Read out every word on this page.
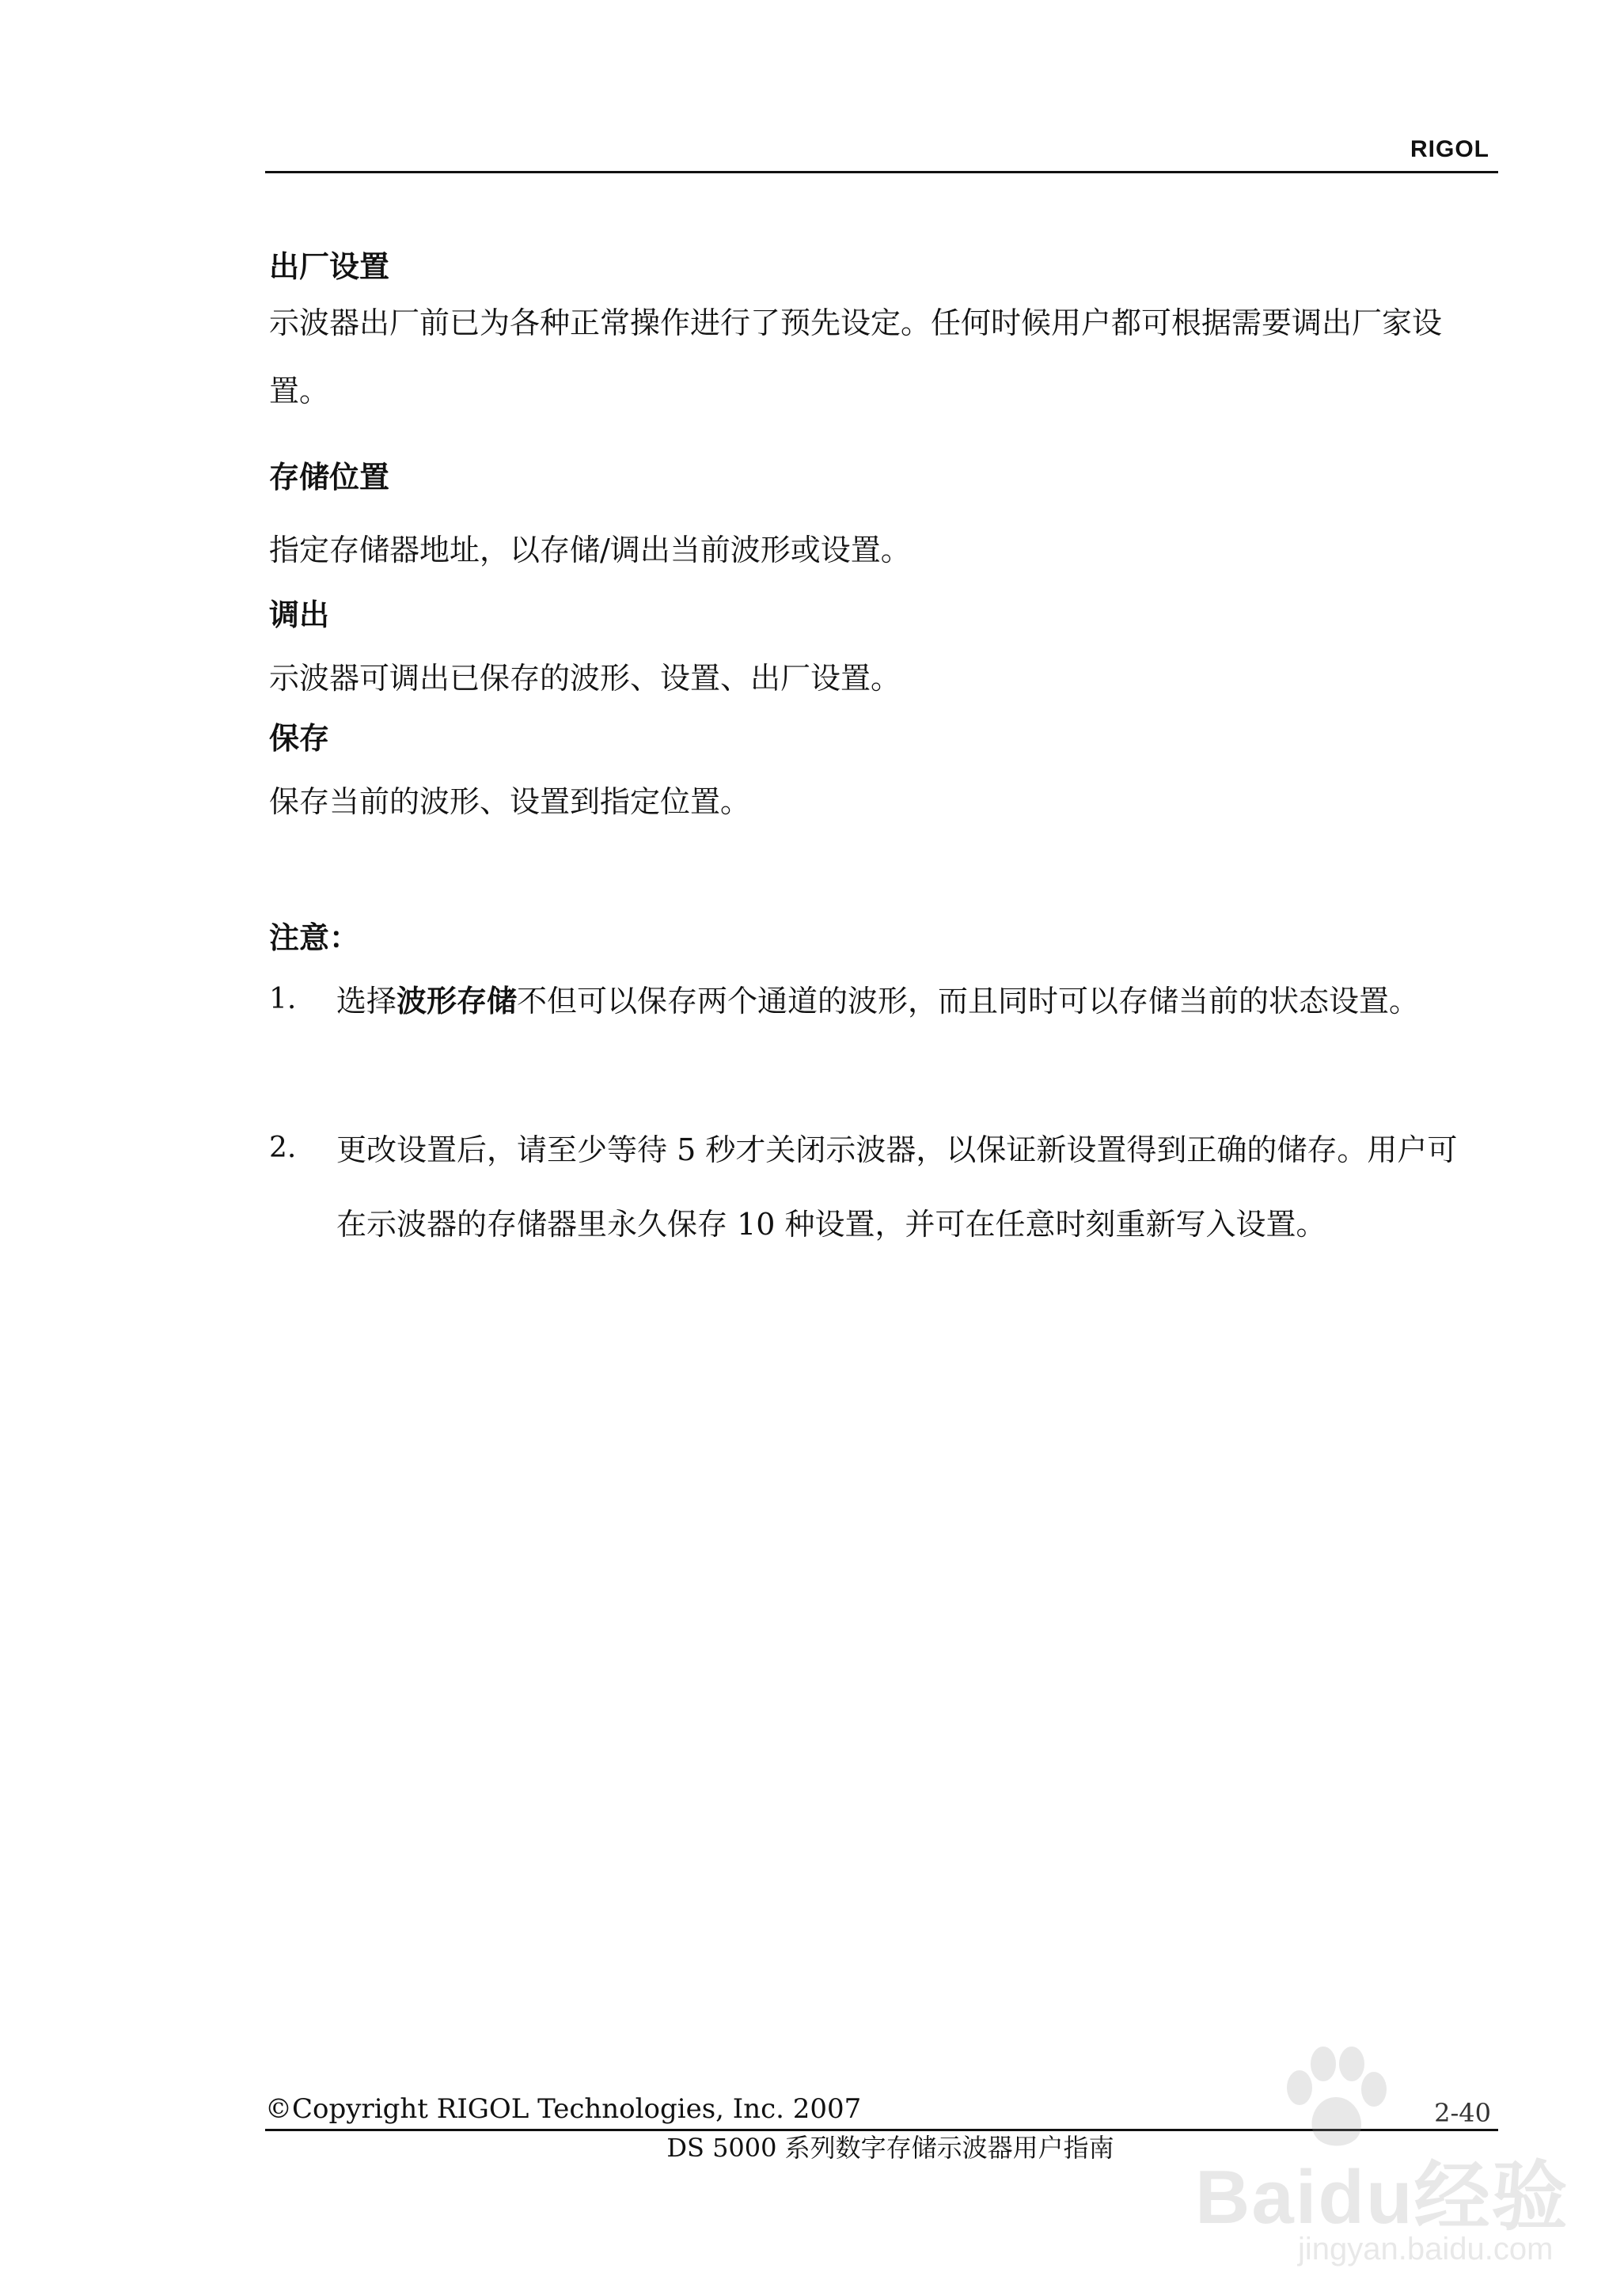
RIGOL
出厂设置
示波器出厂前已为各种正常操作进行了预先设定。任何时候用户都可根据需要调出厂家设置。
存储位置
指定存储器地址，以存储/调出当前波形或设置。
调出
示波器可调出已保存的波形、设置、出厂设置。
保存
保存当前的波形、设置到指定位置。
注意：
1. 选择波形存储不但可以保存两个通道的波形，而且同时可以存储当前的状态设置。
2. 更改设置后，请至少等待 5 秒才关闭示波器，以保证新设置得到正确的储存。用户可在示波器的存储器里永久保存 10 种设置，并可在任意时刻重新写入设置。
©Copyright RIGOL Technologies, Inc. 2007	2-40
DS 5000 系列数字存储示波器用户指南
Baidu经验
jingyan.baidu.com
